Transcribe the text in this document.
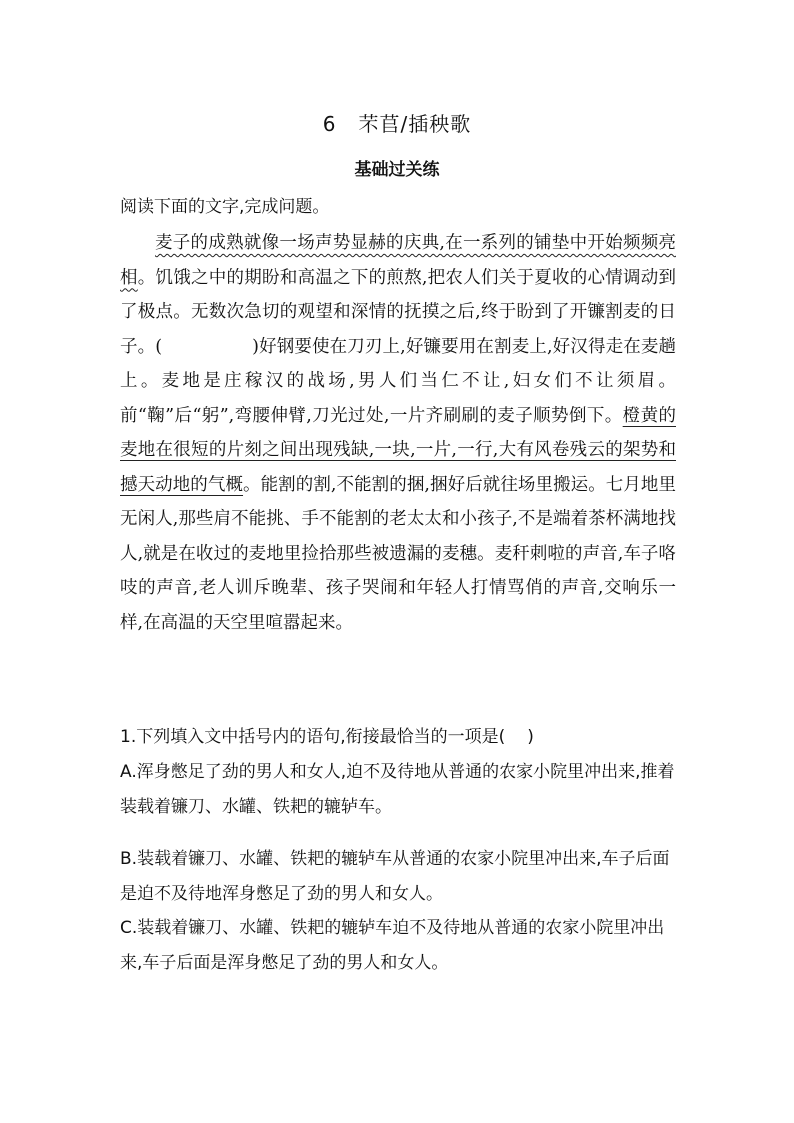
6 芣苢/插秧歌
基础过关练
阅读下面的文字,完成问题。
麦子的成熟就像一场声势显赫的庆典,在一系列的铺垫中开始频频亮相。饥饿之中的期盼和高温之下的煎熬,把农人们关于夏收的心情调动到了极点。无数次急切的观望和深情的抚摸之后,终于盼到了开镰割麦的日子。(	)好钢要使在刀刃上,好镰要用在割麦上,好汉得走在麦趟上。麦地是庄稼汉的战场,男人们当仁不让,妇女们不让须眉。前“鞠”后“躬”,弯腰伸臂,刀光过处,一片齐刷刷的麦子顺势倒下。橙黄的麦地在很短的片刻之间出现残缺,一块,一片,一行,大有风卷残云的架势和撼天动地的气概。能割的割,不能割的捆,捆好后就往场里搬运。七月地里无闲人,那些肩不能挑、手不能割的老太太和小孩子,不是端着茶杯满地找人,就是在收过的麦地里捡拾那些被遗漏的麦穗。麦秆刺啦的声音,车子咯吱的声音,老人训斥晚辈、孩子哭闹和年轻人打情骂俏的声音,交响乐一样,在高温的天空里喧嚣起来。
1.下列填入文中括号内的语句,衔接最恰当的一项是( )
A.浑身憋足了劲的男人和女人,迫不及待地从普通的农家小院里冲出来,推着装载着镰刀、水罐、铁耙的辘轳车。
B.装载着镰刀、水罐、铁耙的辘轳车从普通的农家小院里冲出来,车子后面是迫不及待地浑身憋足了劲的男人和女人。
C.装载着镰刀、水罐、铁耙的辘轳车迫不及待地从普通的农家小院里冲出来,车子后面是浑身憋足了劲的男人和女人。
